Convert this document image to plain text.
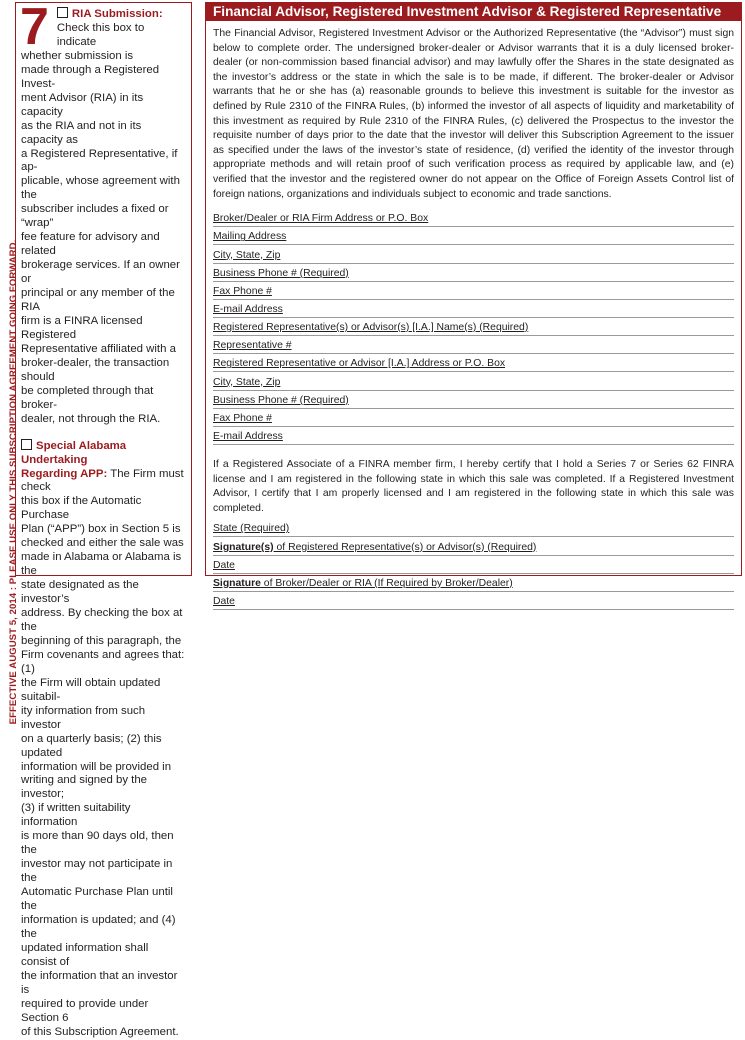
EFFECTIVE AUGUST 5, 2014 : PLEASE USE ONLY THIS SUBSCRIPTION AGREEMENT GOING FORWARD.
7	RIA Submission:
Check this box to indicate
whether submission is
made through a Registered Invest-
ment Advisor (RIA) in its capacity
as the RIA and not in its capacity as
a Registered Representative, if ap-
plicable, whose agreement with the
subscriber includes a fixed or “wrap”
fee feature for advisory and related
brokerage services. If an owner or
principal or any member of the RIA
firm is a FINRA licensed Registered
Representative affiliated with a
broker-dealer, the transaction should
be completed through that broker-
dealer, not through the RIA.
Special Alabama Undertaking
Regarding APP: The Firm must check
this box if the Automatic Purchase
Plan (“APP”) box in Section 5 is
checked and either the sale was
made in Alabama or Alabama is the
state designated as the investor’s
address. By checking the box at the
beginning of this paragraph, the
Firm covenants and agrees that: (1)
the Firm will obtain updated suitabil-
ity information from such investor
on a quarterly basis; (2) this updated
information will be provided in
writing and signed by the investor;
(3) if written suitability information
is more than 90 days old, then the
investor may not participate in the
Automatic Purchase Plan until the
information is updated; and (4) the
updated information shall consist of
the information that an investor is
required to provide under Section 6
of this Subscription Agreement.
Financial Advisor, Registered Investment Advisor & Registered Representative

The Financial Advisor, Registered Investment Advisor or the Authorized Representative (the “Advisor”) must sign below to complete order. The undersigned broker-dealer or Advisor warrants that it is a duly licensed broker-dealer (or non-commission based financial advisor) and may lawfully offer the Shares in the state designated as the investor’s address or the state in which the sale is to be made, if different. The broker-dealer or Advisor warrants that he or she has (a) reasonable grounds to believe this investment is suitable for the investor as defined by Rule 2310 of the FINRA Rules, (b) informed the investor of all aspects of liquidity and marketability of this investment as required by Rule 2310 of the FINRA Rules, (c) delivered the Prospectus to the investor the requisite number of days prior to the date that the investor will deliver this Subscription Agreement to the issuer as specified under the laws of the investor’s state of residence, (d) verified the identity of the investor through appropriate methods and will retain proof of such verification process as required by applicable law, and (e) verified that the investor and the registered owner do not appear on the Office of Foreign Assets Control list of foreign nations, organizations and individuals subject to economic and trade sanctions.

Broker/Dealer or RIA Firm Address or P.O. Box
Mailing Address
City, State, Zip
Business Phone # (Required)
Fax Phone #
E-mail Address
Registered Representative(s) or Advisor(s) [I.A.] Name(s) (Required)
Representative #
Registered Representative or Advisor [I.A.] Address or P.O. Box
City, State, Zip
Business Phone # (Required)
Fax Phone #
E-mail Address

If a Registered Associate of a FINRA member firm, I hereby certify that I hold a Series 7 or Series 62 FINRA license and I am registered in the following state in which this sale was completed. If a Registered Investment Advisor, I certify that I am properly licensed and I am registered in the following state in which this sale was completed.

State (Required)
Signature(s) of Registered Representative(s) or Advisor(s) (Required)
Date
Signature of Broker/Dealer or RIA (If Required by Broker/Dealer)
Date
